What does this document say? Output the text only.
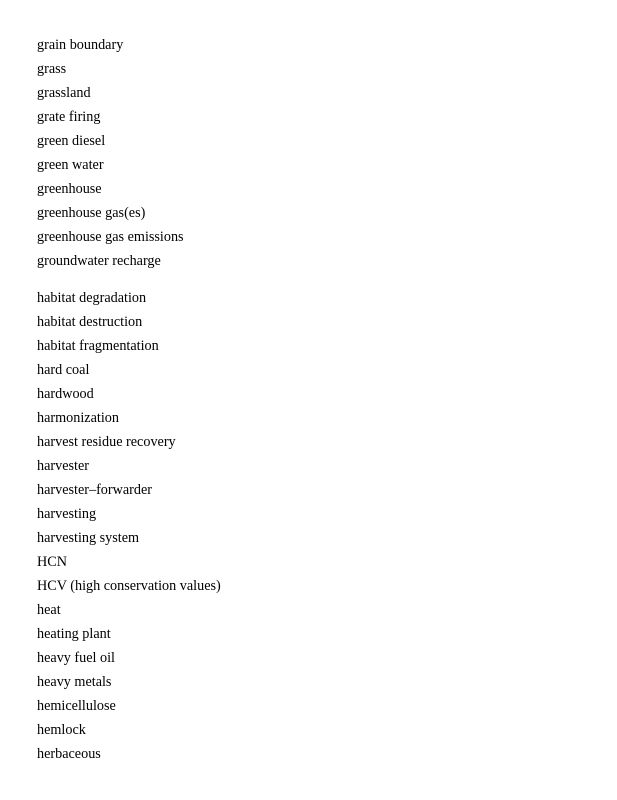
grain boundary
grass
grassland
grate firing
green diesel
green water
greenhouse
greenhouse gas(es)
greenhouse gas emissions
groundwater recharge
habitat degradation
habitat destruction
habitat fragmentation
hard coal
hardwood
harmonization
harvest residue recovery
harvester
harvester–forwarder
harvesting
harvesting system
HCN
HCV (high conservation values)
heat
heating plant
heavy fuel oil
heavy metals
hemicellulose
hemlock
herbaceous
